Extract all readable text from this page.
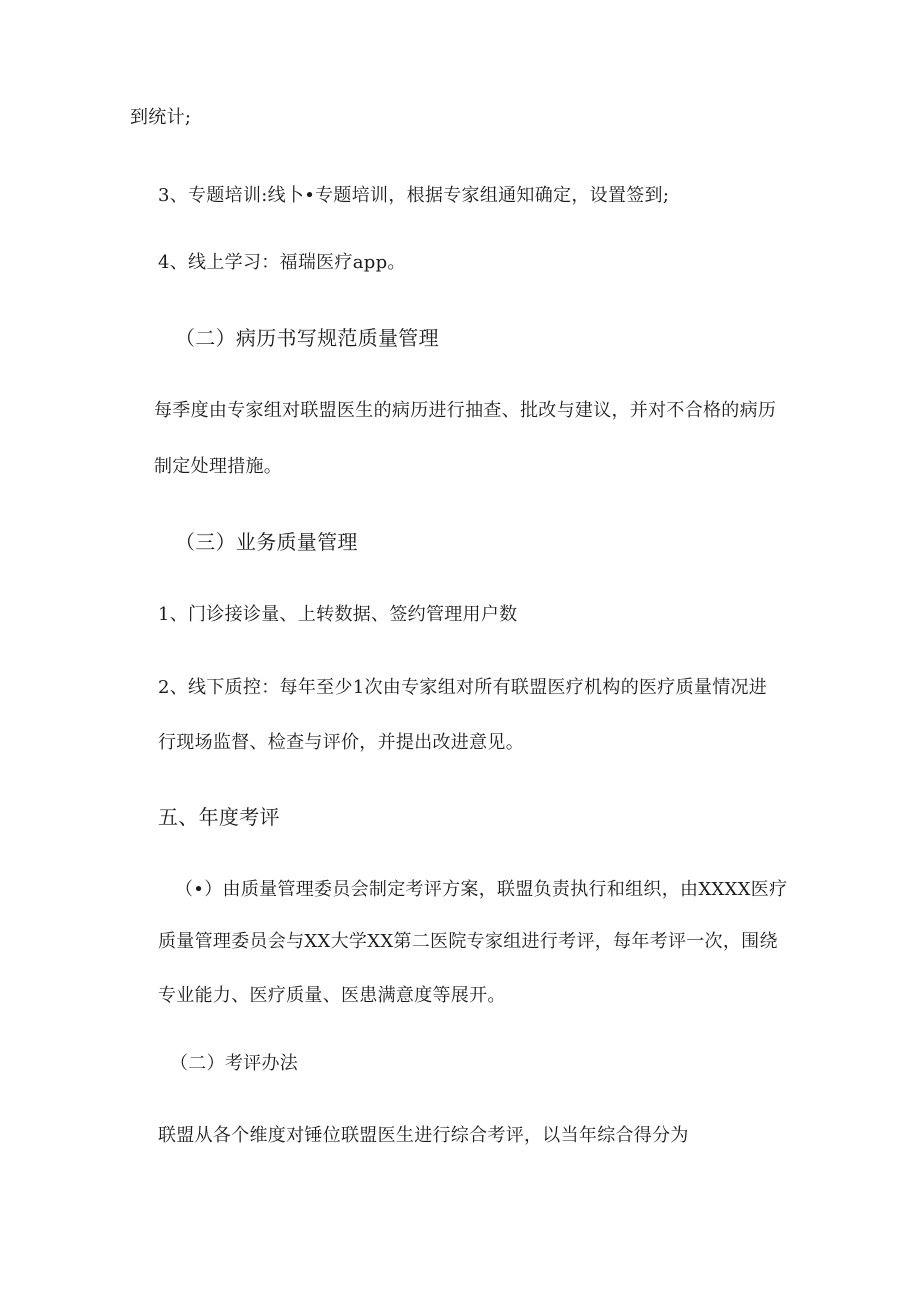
到统计;
3、专题培训:线卜•专题培训，根据专家组通知确定，设置签到;
4、线上学习：福瑞医疗app。
（二）病历书写规范质量管理
每季度由专家组对联盟医生的病历进行抽查、批改与建议，并对不合格的病历
制定处理措施。
（三）业务质量管理
1、门诊接诊量、上转数据、签约管理用户数
2、线下质控：每年至少1次由专家组对所有联盟医疗机构的医疗质量情况进
行现场监督、检查与评价，并提出改进意见。
五、年度考评
（•）由质量管理委员会制定考评方案，联盟负责执行和组织，由XXXX医疗
质量管理委员会与XX大学XX第二医院专家组进行考评，每年考评一次，围绕
专业能力、医疗质量、医患满意度等展开。
（二）考评办法
联盟从各个维度对锤位联盟医生进行综合考评，以当年综合得分为
